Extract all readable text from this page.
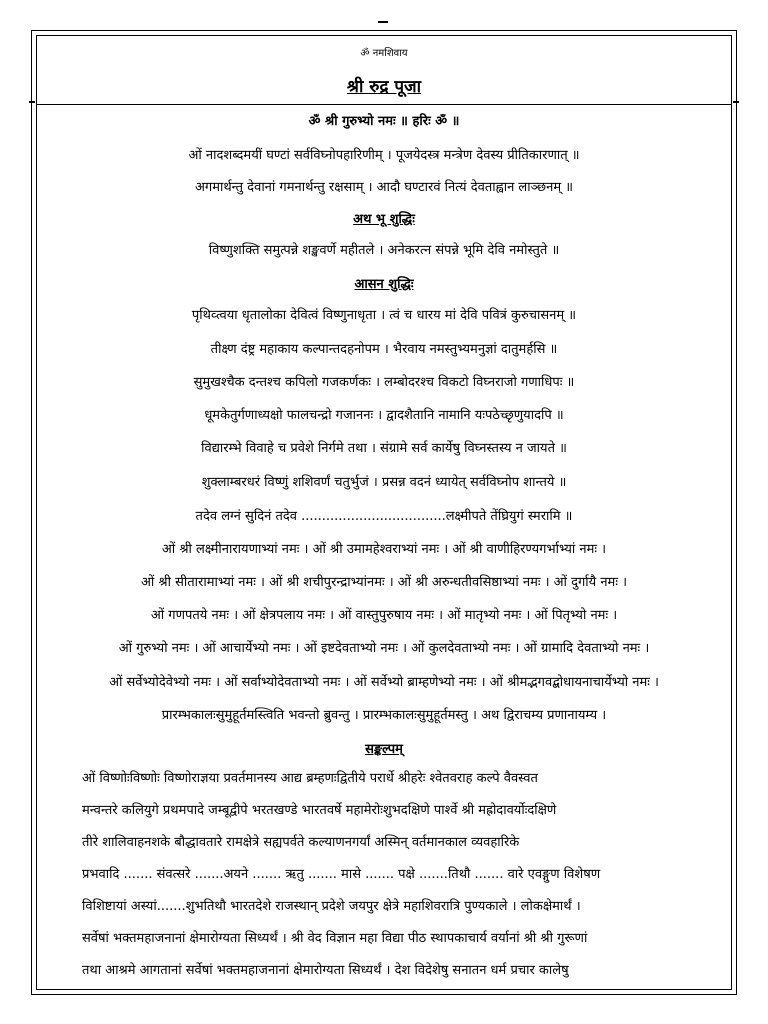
ॐ नमशिवाय
श्री रुद्र पूजा
ॐ श्री गुरुभ्यो नमः ॥ हरिः ॐ ॥
ओं नादशब्दमयीं घण्टां सर्वविघ्नोपहारिणीम् । पूजयेदस्त्र मन्त्रेण देवस्य प्रीतिकारणात् ॥
अगमार्थन्तु देवानां गमनार्थन्तु रक्षसाम् । आदौ घण्टारवं नित्यं देवताह्वान लाञ्छनम् ॥
अथ भू शुद्धिः
विष्णुशक्ति समुत्पन्ने शङ्खवर्णे महीतले । अनेकरत्न संपन्ने भूमि देवि नमोस्तुते ॥
आसन शुद्धिः
पृथिव्त्वया धृतालोका देवित्वं विष्णुनाधृता । त्वं च धारय मां देवि पवित्रं कुरुचासनम् ॥
तीक्ष्ण दंष्ट्र महाकाय कल्पान्तदहनोपम । भैरवाय नमस्तुभ्यमनुज्ञां दातुमर्हसि ॥
सुमुखश्चैक दन्तश्च कपिलो गजकर्णकः । लम्बोदरश्च विकटो विघ्नराजो गणाधिपः ॥
धूमकेतुर्गणाध्यक्षो फालचन्द्रो गजाननः । द्वादशैतानि नामानि यःपठेच्छृणुयादपि ॥
विद्यारम्भे विवाहे च प्रवेशे निर्गमे तथा । संग्रामे सर्व कार्येषु विघ्नस्तस्य न जायते ॥
शुक्लाम्बरधरं विष्णुं शशिवर्णं चतुर्भुजं । प्रसन्न वदनं ध्यायेत् सर्वविघ्नोप शान्तये ॥
तदेव लग्नं सुदिनं तदेव ...................................लक्ष्मीपते तेंघ्रियुगं स्मरामि ॥
ओं श्री लक्ष्मीनारायणाभ्यां नमः । ओं श्री उमामहेश्वराभ्यां नमः । ओं श्री वाणीहिरण्यगर्भाभ्यां नमः ।
ओं श्री सीतारामाभ्यां नमः । ओं श्री शचीपुरन्द्राभ्यांनमः । ओं श्री अरुन्धतीवसिष्ठाभ्यां नमः । ओं दुर्गायै नमः ।
ओं गणपतये नमः । ओं क्षेत्रपलाय नमः । ओं वास्तुपुरुषाय नमः । ओं मातृभ्यो नमः । ओं पितृभ्यो नमः ।
ओं गुरुभ्यो नमः । ओं आचार्येभ्यो नमः । ओं इष्टदेवताभ्यो नमः । ओं कुलदेवताभ्यो नमः । ओं ग्रामादि देवताभ्यो नमः ।
ओं सर्वेभ्योदेवेभ्यो नमः । ओं सर्वाभ्योदेवताभ्यो नमः । ओं सर्वेभ्यो ब्राम्हणेभ्यो नमः । ओं श्रीमद्भगवद्बोधायनाचार्येभ्यो नमः ।
प्रारम्भकालःसुमुहूर्तमस्त्विति भवन्तो ब्रुवन्तु । प्रारम्भकालःसुमुहूर्तमस्तु । अथ द्विराचम्य प्रणानायम्य ।
सङ्कल्पम्
ओं विष्णोःविष्णोः विष्णोराज्ञया प्रवर्तमानस्य आद्य ब्रम्हणःद्वितीये परार्धे श्रीहरेः श्वेतवराह कल्पे वैवस्वत
मन्वन्तरे कलियुगे प्रथमपादे जम्बूद्वीपे भरतखण्डे भारतवर्षे महामेरोःशुभदक्षिणे पार्श्वे श्री मह्रोदावर्योःदक्षिणे
तीरे शालिवाहनशके बौद्धावतारे रामक्षेत्रे सह्यपर्वते कल्याणनगर्यां अस्मिन् वर्तमानकाल व्यवहारिके
प्रभवादि ....... संवत्सरे .......अयने ....... ऋतु ....... मासे ....... पक्षे .......तिथौ ....... वारे एवङ्गुण विशेषण
विशिष्टायां अस्यां.......शुभतिथौ भारतदेशे राजस्थान् प्रदेशे जयपुर क्षेत्रे महाशिवरात्रि पुण्यकाले । लोकक्षेमार्थं ।
सर्वेषां भक्तमहाजनानां क्षेमारोग्यता सिध्यर्थं । श्री वेद विज्ञान महा विद्या पीठ स्थापकाचार्य वर्यानां श्री श्री गुरूणां
तथा आश्रमे आगतानां सर्वेषां भक्तमहाजनानां क्षेमारोग्यता सिध्यर्थं । देश विदेशेषु सनातन धर्म प्रचार कालेषु
